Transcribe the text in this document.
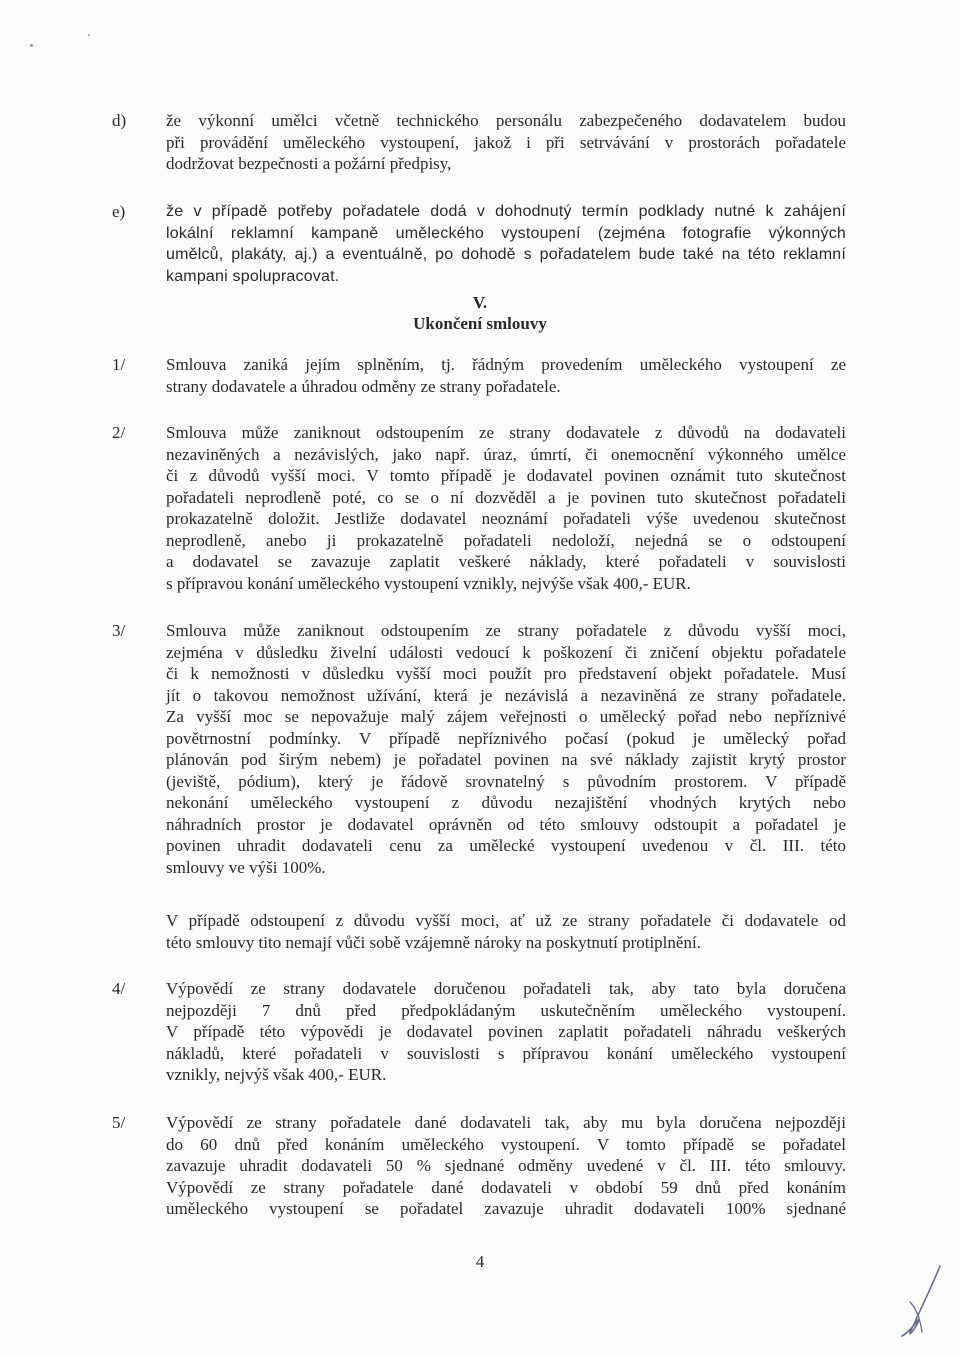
d) že výkonní umělci včetně technického personálu zabezpečeného dodavatelem budou
při provádění uměleckého vystoupení, jakož i při setrvávání v prostorách pořadatele
dodržovat bezpečnosti a požární předpisy,
e)	že v případě potřeby pořadatele dodá v dohodnutý termín podklady nutné k zahájení
lokální reklamní kampaně uměleckého vystoupení (zejména fotografie výkonných
umělců, plakáty, aj.) a eventuálně, po dohodě s pořadatelem bude také na této reklamní
kampani spolupracovat.
V.
Ukončení smlouvy
1/ Smlouva zaniká jejím splněním, tj. řádným provedením uměleckého vystoupení ze
strany dodavatele a úhradou odměny ze strany pořadatele.
2/ Smlouva může zaniknout odstoupením ze strany dodavatele z důvodů na dodavateli
nezaviněných a nezávislých, jako např. úraz, úmrtí, či onemocnění výkonného umělce
či z důvodů vyšší moci. V tomto případě je dodavatel povinen oznámit tuto skutečnost
pořadateli neprodleně poté, co se o ní dozvěděl a je povinen tuto skutečnost pořadateli
prokazatelně doložit. Jestliže dodavatel neoznámí pořadateli výše uvedenou skutečnost
neprodleně, anebo ji prokazatelně pořadateli nedoloží, nejedná se o odstoupení
a dodavatel se zavazuje zaplatit veškeré náklady, které pořadateli v souvislosti
s přípravou konání uměleckého vystoupení vznikly, nejvýše však 400,- EUR.
3/ Smlouva může zaniknout odstoupením ze strany pořadatele z důvodu vyšší moci,
zejména v důsledku živelní události vedoucí k poškození či zničení objektu pořadatele
či k nemožnosti v důsledku vyšší moci použít pro představení objekt pořadatele. Musí
jít o takovou nemožnost užívání, která je nezávislá a nezaviněná ze strany pořadatele.
Za vyšší moc se nepovažuje malý zájem veřejnosti o umělecký pořad nebo nepříznivé
povětrnostní podmínky. V případě nepříznivého počasí (pokud je umělecký pořad
plánován pod širým nebem) je pořadatel povinen na své náklady zajistit krytý prostor
(jeviště, pódium), který je řádově srovnatelný s původním prostorem. V případě
nekonání uměleckého vystoupení z důvodu nezajištění vhodných krytých nebo
náhradních prostor je dodavatel oprávněn od této smlouvy odstoupit a pořadatel je
povinen uhradit dodavateli cenu za umělecké vystoupení uvedenou v čl. III. této
smlouvy ve výši 100%.
V případě odstoupení z důvodu vyšší moci, ať už ze strany pořadatele či dodavatele od
této smlouvy tito nemají vůči sobě vzájemně nároky na poskytnutí protiplnění.
4/ Výpovědí ze strany dodavatele doručenou pořadateli tak, aby tato byla doručena
nejpozději 7 dnů před předpokládaným uskutečněním uměleckého vystoupení.
V případě této výpovědi je dodavatel povinen zaplatit pořadateli náhradu veškerých
nákladů, které pořadateli v souvislosti s přípravou konání uměleckého vystoupení
vznikly, nejvýš však 400,- EUR.
5/ Výpovědí ze strany pořadatele dané dodavateli tak, aby mu byla doručena nejpozději
do 60 dnů před konáním uměleckého vystoupení. V tomto případě se pořadatel
zavazuje uhradit dodavateli 50 % sjednané odměny uvedené v čl. III. této smlouvy.
Výpovědí ze strany pořadatele dané dodavateli v období 59 dnů před konáním
uměleckého vystoupení se pořadatel zavazuje uhradit dodavateli 100% sjednané
4
